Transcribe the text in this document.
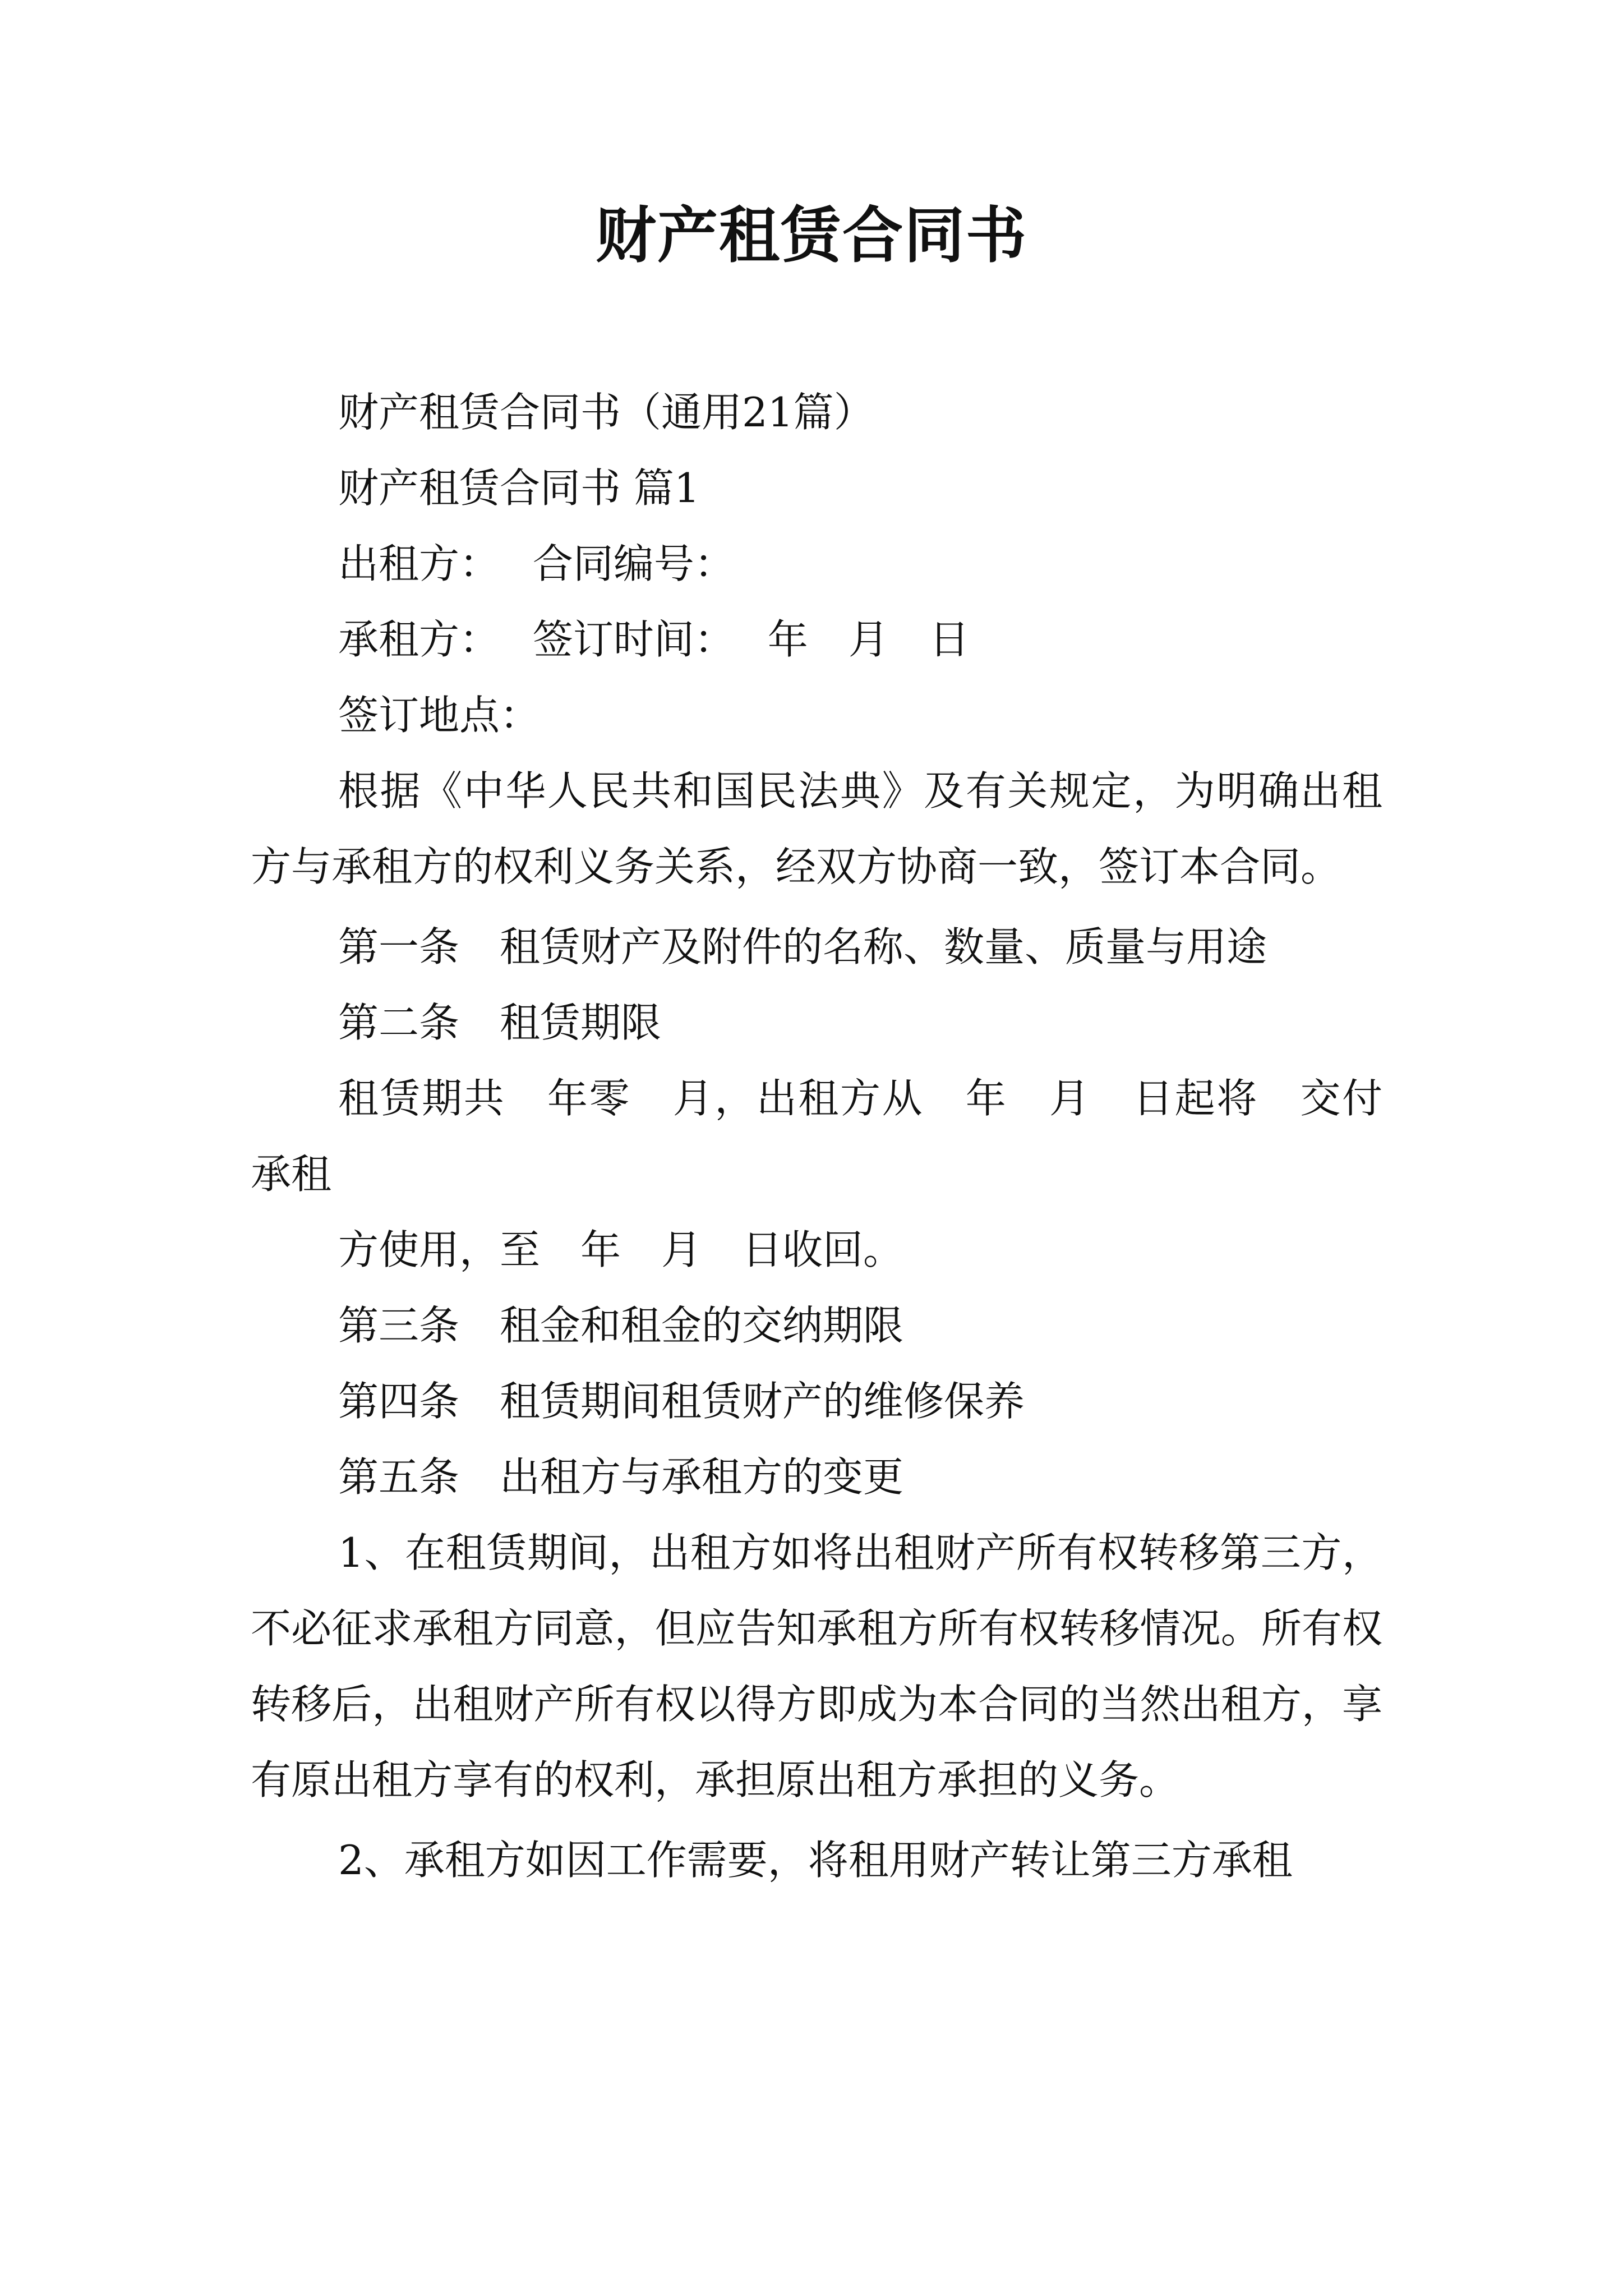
财产租赁合同书

财产租赁合同书（通用21篇）

财产租赁合同书 篇1

出租方：　 合同编号：

承租方：　 签订时间：　 年　月　日

签订地点：

根据《中华人民共和国民法典》及有关规定，为明确出租方与承租方的权利义务关系，经双方协商一致，签订本合同。

第一条　租赁财产及附件的名称、数量、质量与用途

第二条　租赁期限

租赁期共　年零　月，出租方从　年　月　日起将　交付承租

方使用，至　年　月　日收回。

第三条　租金和租金的交纳期限

第四条　租赁期间租赁财产的维修保养

第五条　出租方与承租方的变更

1、在租赁期间，出租方如将出租财产所有权转移第三方，不必征求承租方同意，但应告知承租方所有权转移情况。所有权转移后，出租财产所有权以得方即成为本合同的当然出租方，享有原出租方享有的权利，承担原出租方承担的义务。

2、承租方如因工作需要，将租用财产转让第三方承租
